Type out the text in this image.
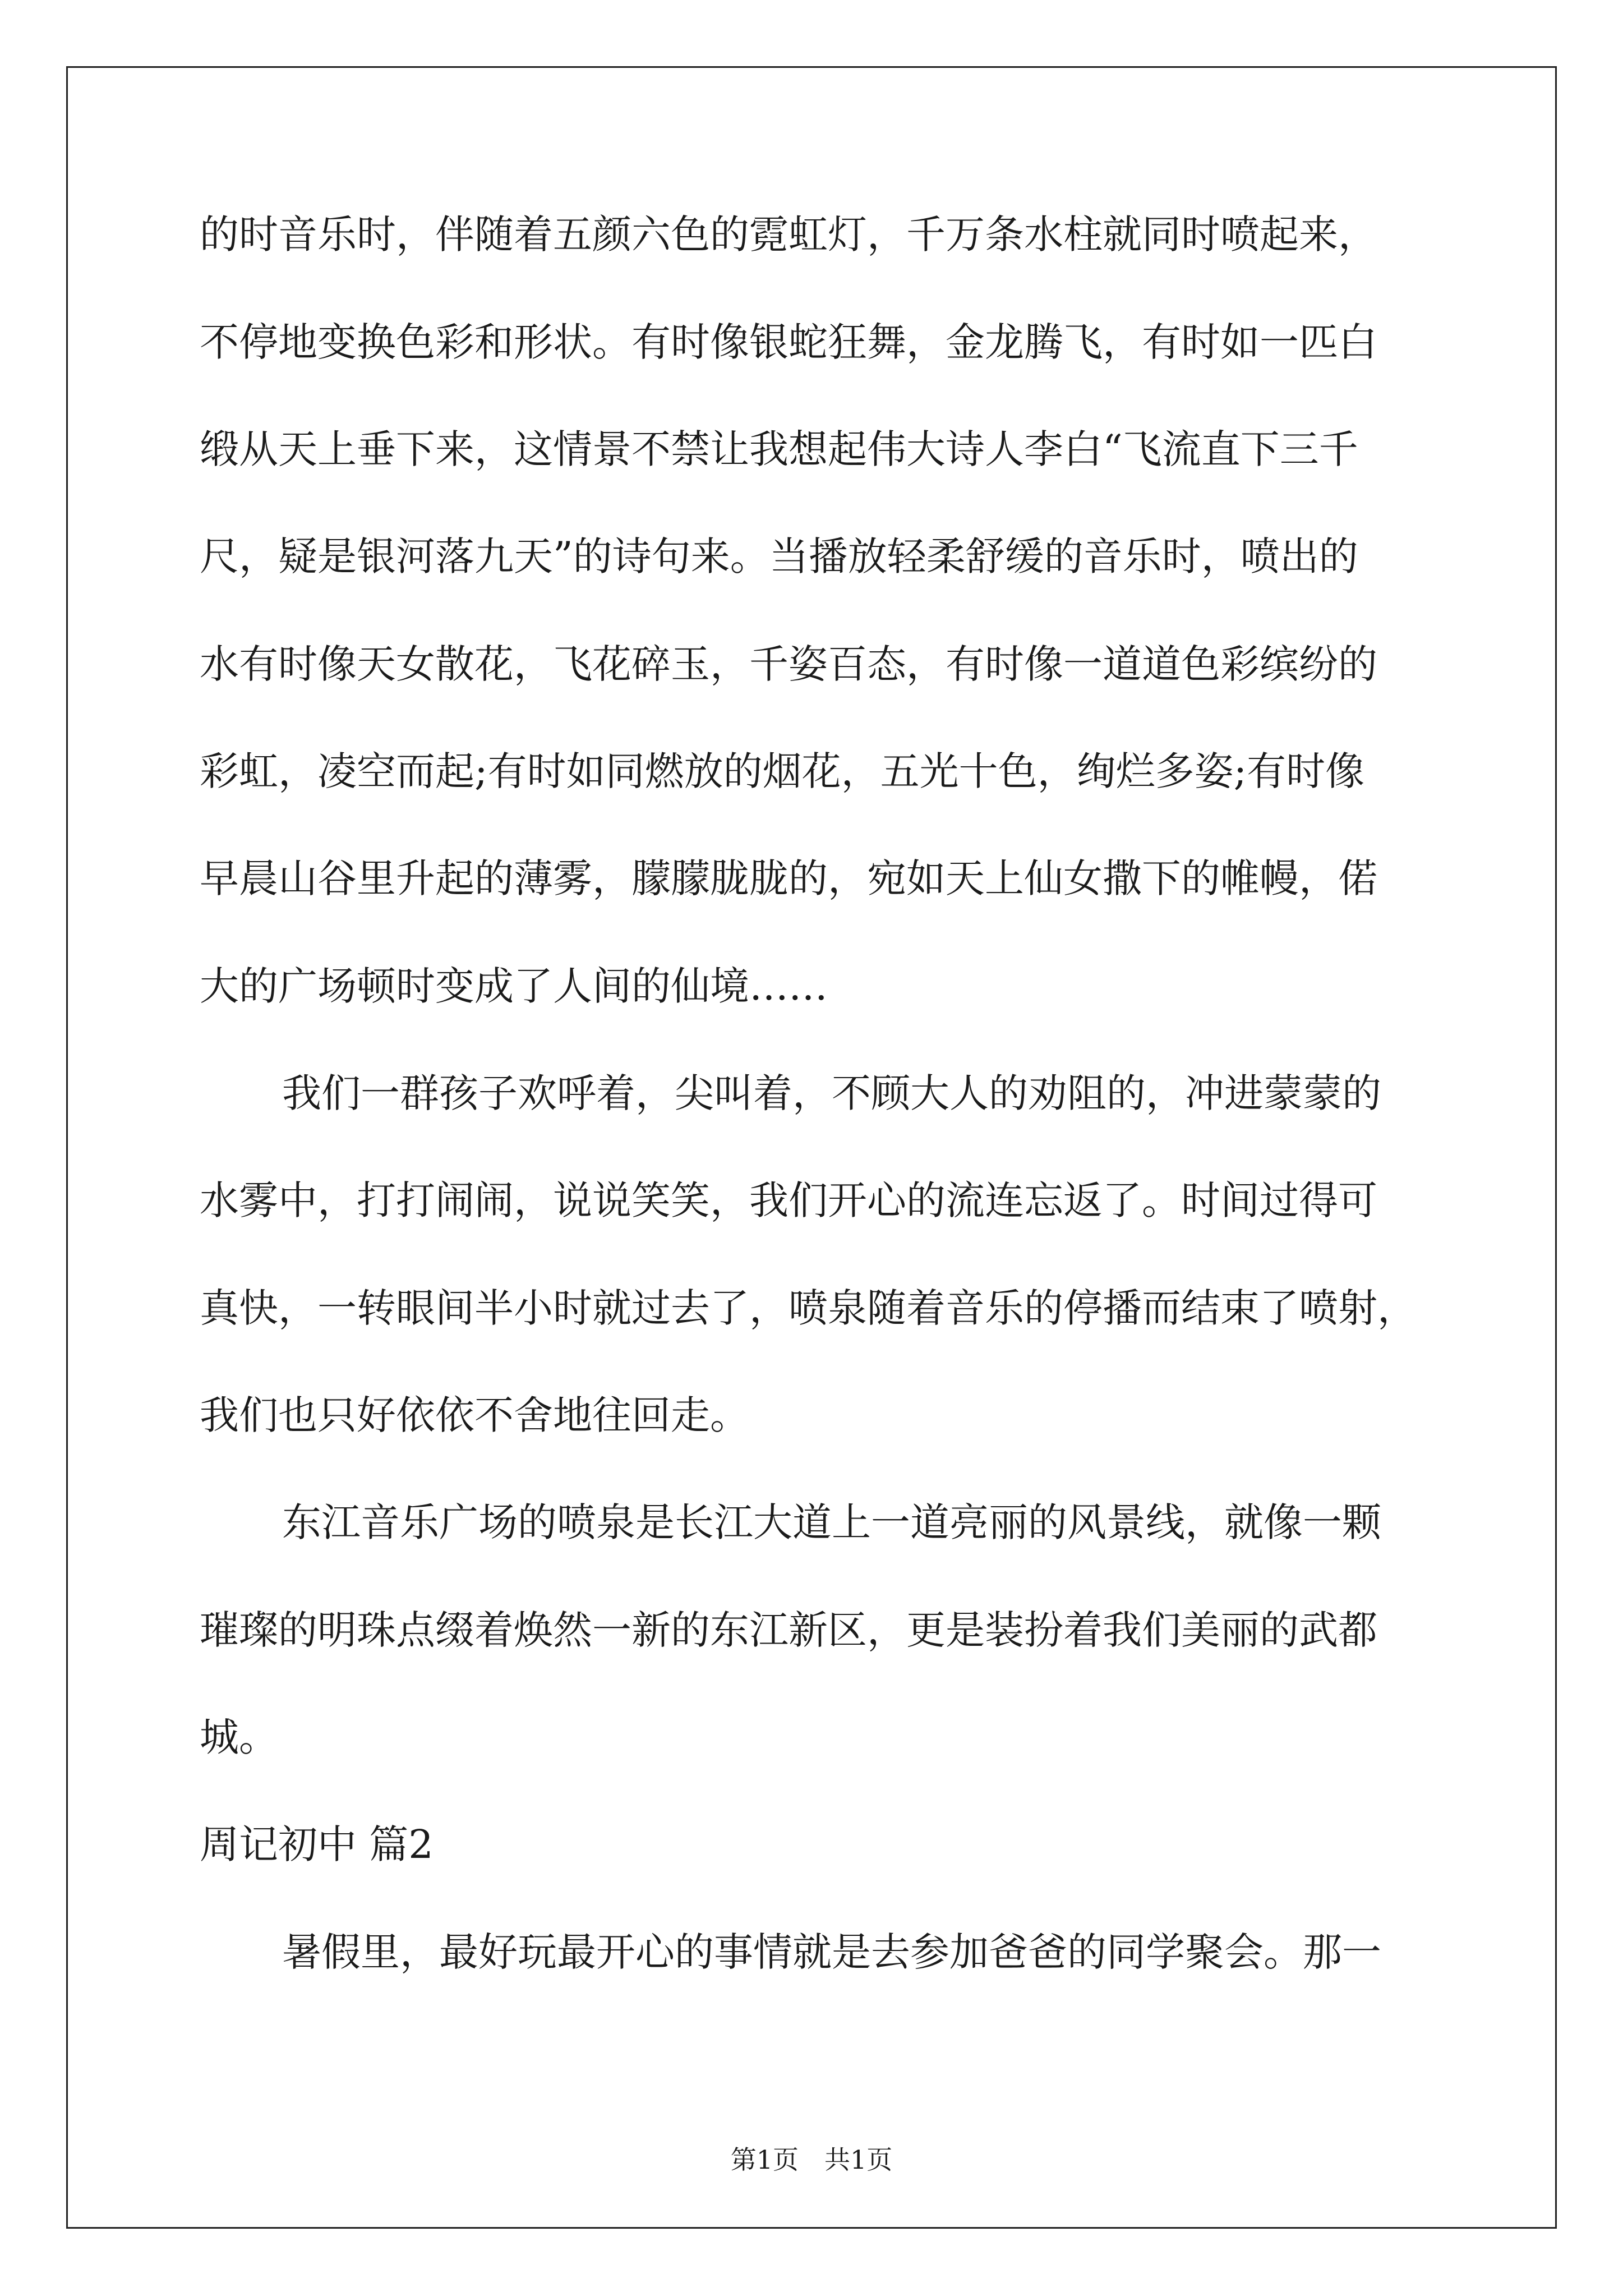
的时音乐时，伴随着五颜六色的霓虹灯，千万条水柱就同时喷起来，
不停地变换色彩和形状。有时像银蛇狂舞，金龙腾飞，有时如一匹白
缎从天上垂下来，这情景不禁让我想起伟大诗人李白“飞流直下三千
尺，疑是银河落九天”的诗句来。当播放轻柔舒缓的音乐时，喷出的
水有时像天女散花，飞花碎玉，千姿百态，有时像一道道色彩缤纷的
彩虹，凌空而起;有时如同燃放的烟花，五光十色，绚烂多姿;有时像
早晨山谷里升起的薄雾，朦朦胧胧的，宛如天上仙女撒下的帷幔，偌
大的广场顿时变成了人间的仙境……
我们一群孩子欢呼着，尖叫着，不顾大人的劝阻的，冲进蒙蒙的
水雾中，打打闹闹，说说笑笑，我们开心的流连忘返了。时间过得可
真快，一转眼间半小时就过去了，喷泉随着音乐的停播而结束了喷射，
我们也只好依依不舍地往回走。
东江音乐广场的喷泉是长江大道上一道亮丽的风景线，就像一颗
璀璨的明珠点缀着焕然一新的东江新区，更是装扮着我们美丽的武都
城。
周记初中 篇2
暑假里，最好玩最开心的事情就是去参加爸爸的同学聚会。那一
第1页　共1页
